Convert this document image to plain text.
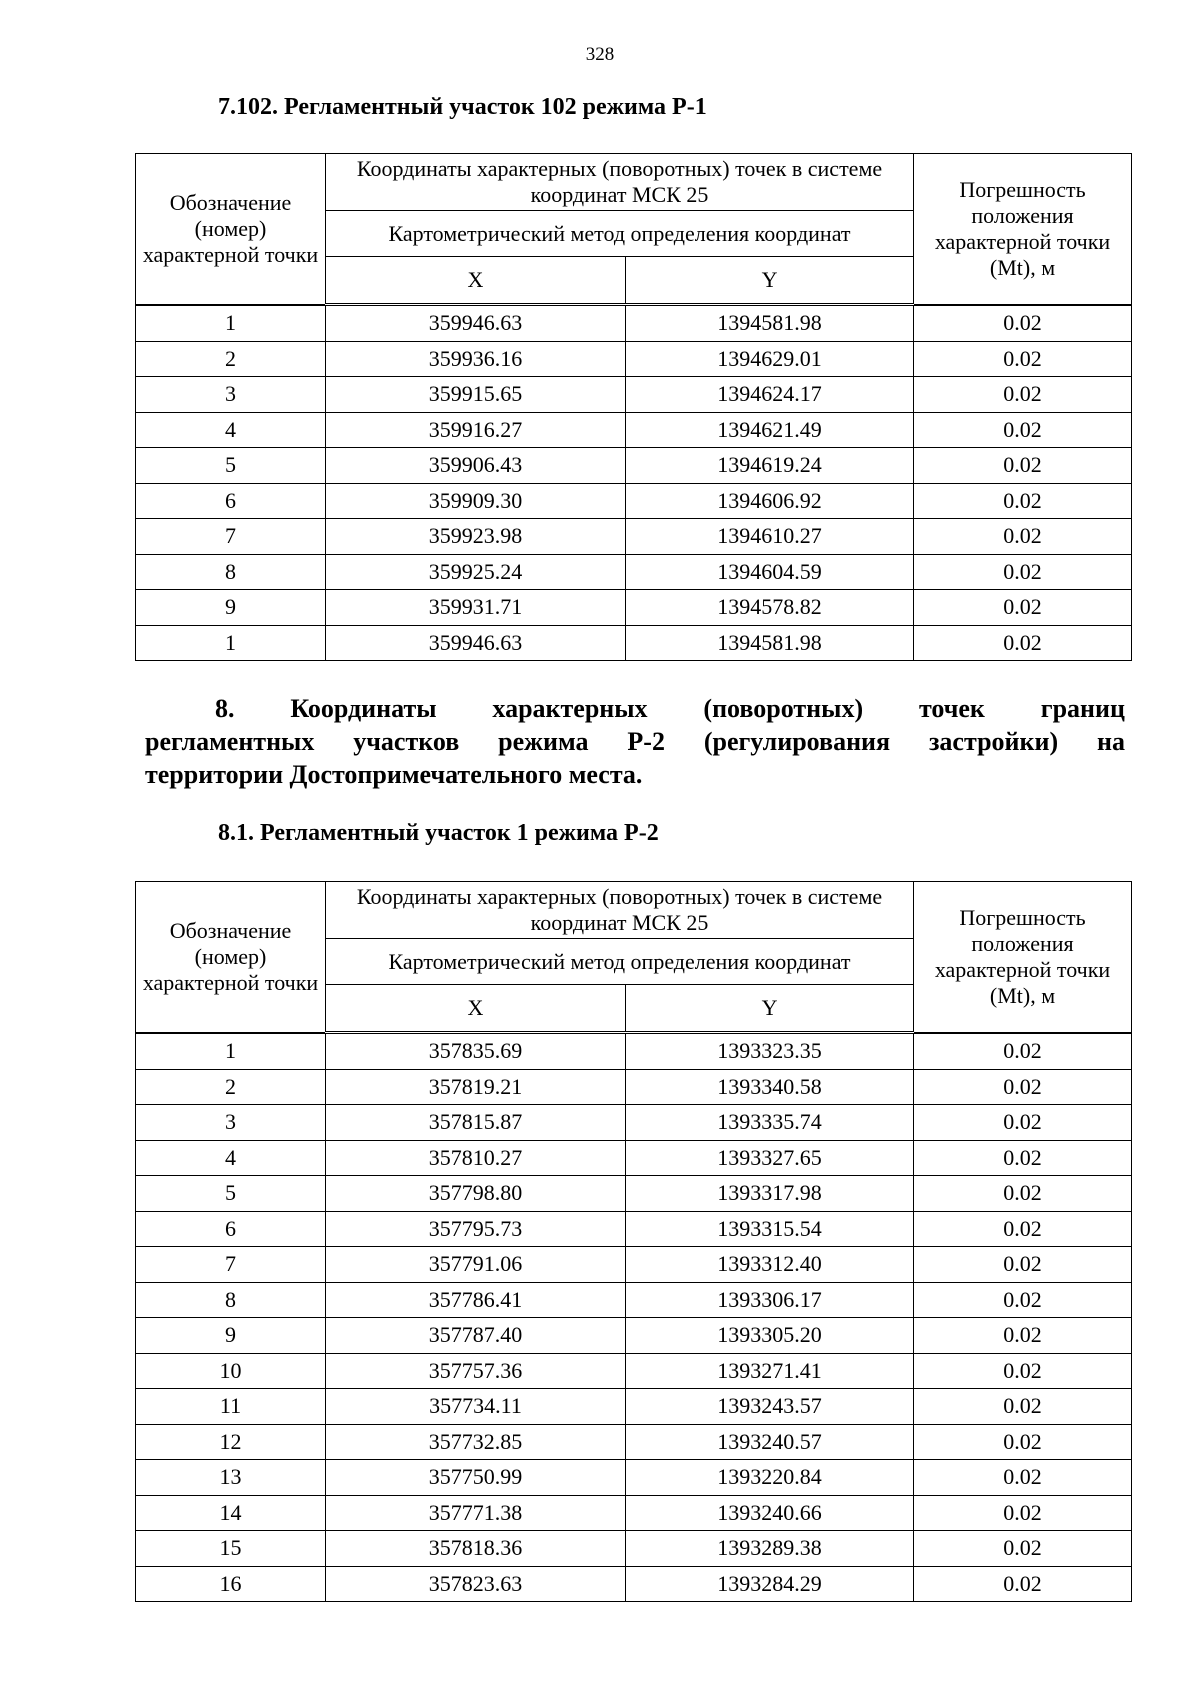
328
7.102. Регламентный участок 102 режима Р-1
Обозначение (номер) характерной точки	Координаты характерных (поворотных) точек в системе координат МСК 25		Погрешность положения характерной точки (Mt), м
	Картометрический метод определения координат		
	X	Y	
1	359946.63	1394581.98	0.02
2	359936.16	1394629.01	0.02
3	359915.65	1394624.17	0.02
4	359916.27	1394621.49	0.02
5	359906.43	1394619.24	0.02
6	359909.30	1394606.92	0.02
7	359923.98	1394610.27	0.02
8	359925.24	1394604.59	0.02
9	359931.71	1394578.82	0.02
1	359946.63	1394581.98	0.02
8. Координаты характерных (поворотных) точек границ
регламентных участков режима Р-2 (регулирования застройки) на
территории Достопримечательного места.
8.1. Регламентный участок 1 режима Р-2
Обозначение (номер) характерной точки	Координаты характерных (поворотных) точек в системе координат МСК 25		Погрешность положения характерной точки (Mt), м
	Картометрический метод определения координат		
	X	Y	
1	357835.69	1393323.35	0.02
2	357819.21	1393340.58	0.02
3	357815.87	1393335.74	0.02
4	357810.27	1393327.65	0.02
5	357798.80	1393317.98	0.02
6	357795.73	1393315.54	0.02
7	357791.06	1393312.40	0.02
8	357786.41	1393306.17	0.02
9	357787.40	1393305.20	0.02
10	357757.36	1393271.41	0.02
11	357734.11	1393243.57	0.02
12	357732.85	1393240.57	0.02
13	357750.99	1393220.84	0.02
14	357771.38	1393240.66	0.02
15	357818.36	1393289.38	0.02
16	357823.63	1393284.29	0.02
